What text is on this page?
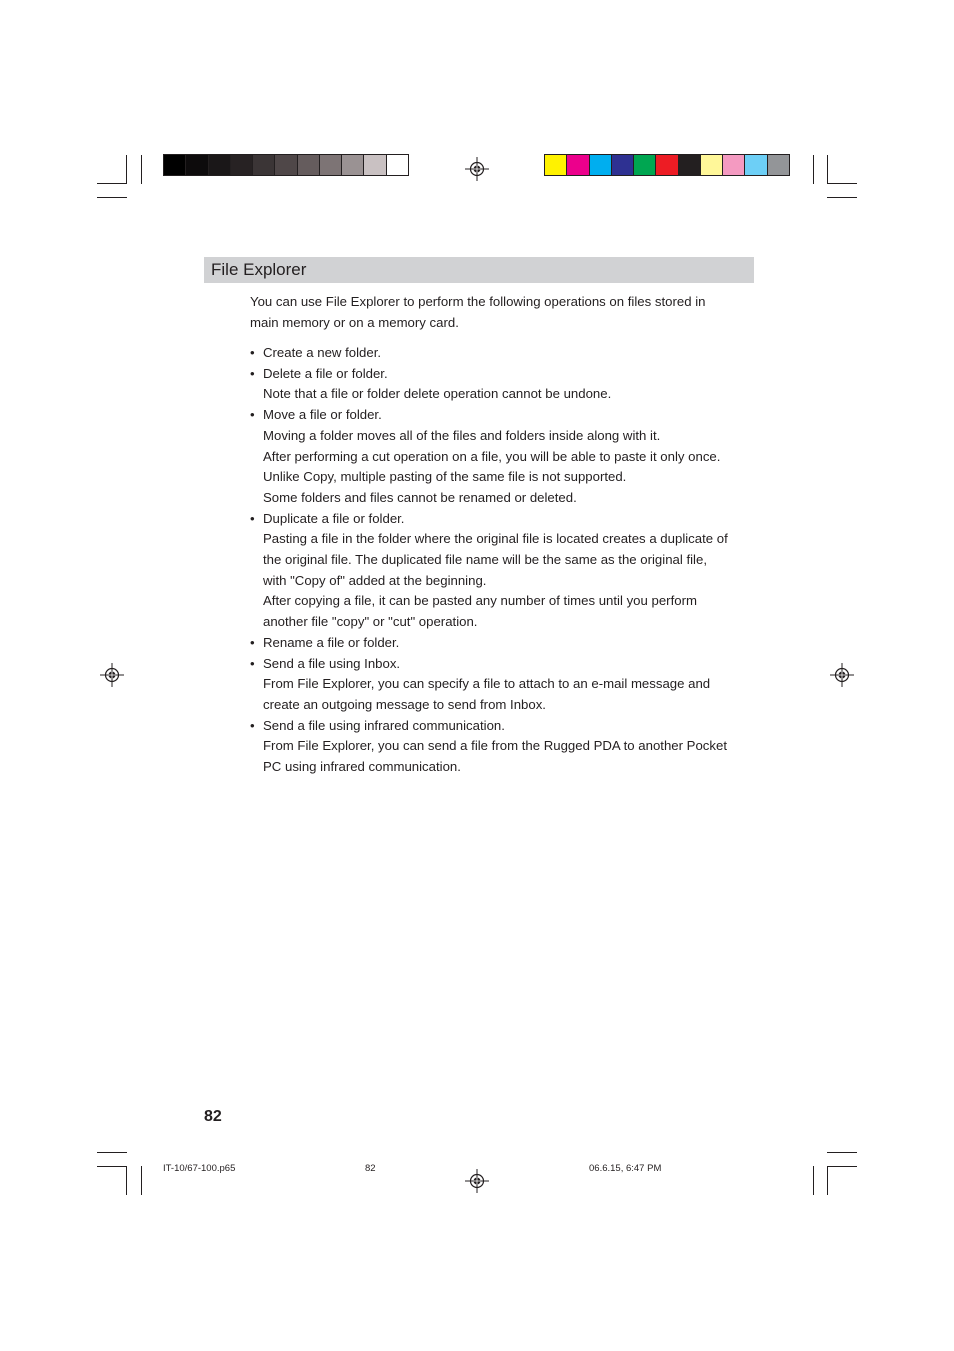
File Explorer
You can use File Explorer to perform the following operations on files stored in
main memory or on a memory card.
• Create a new folder.
• Delete a file or folder.
Note that a file or folder delete operation cannot be undone.
• Move a file or folder.
Moving a folder moves all of the files and folders inside along with it.
After performing a cut operation on a file, you will be able to paste it only once.
Unlike Copy, multiple pasting of the same file is not supported.
Some folders and files cannot be renamed or deleted.
• Duplicate a file or folder.
Pasting a file in the folder where the original file is located creates a duplicate of
the original file. The duplicated file name will be the same as the original file,
with "Copy of" added at the beginning.
After copying a file, it can be pasted any number of times until you perform
another file "copy" or "cut" operation.
• Rename a file or folder.
• Send a file using Inbox.
From File Explorer, you can specify a file to attach to an e-mail message and
create an outgoing message to send from Inbox.
• Send a file using infrared communication.
From File Explorer, you can send a file from the Rugged PDA to another Pocket
PC using infrared communication.
82
IT-10/67-100.p65	82	06.6.15, 6:47 PM
